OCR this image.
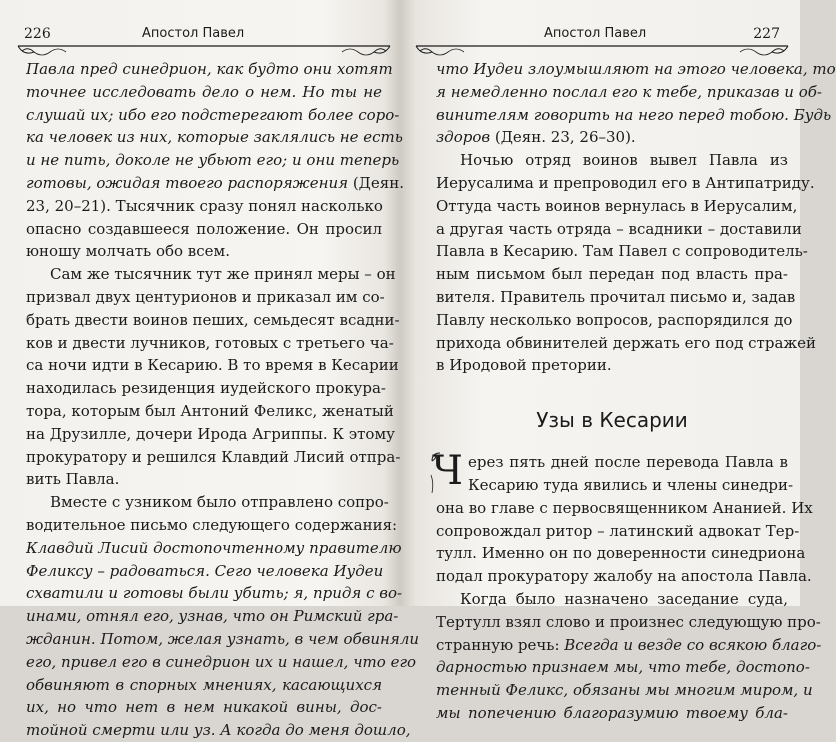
226	Апостол Павел
Павла пред синедрион, как будто они хотят
точнее исследовать дело о нем. Но ты не
слушай их; ибо его подстерегают более соро-
ка человек из них, которые заклялись не есть
и не пить, доколе не убьют его; и они теперь
готовы, ожидая твоего распоряжения (Деян.
23, 20–21). Тысячник сразу понял насколько
опасно создавшееся положение. Он просил
юношу молчать обо всем.
Сам же тысячник тут же принял меры – он
призвал двух центурионов и приказал им со-
брать двести воинов пеших, семьдесят всадни-
ков и двести лучников, готовых с третьего ча-
са ночи идти в Кесарию. В то время в Кесарии
находилась резиденция иудейского прокура-
тора, которым был Антоний Феликс, женатый
на Друзилле, дочери Ирода Агриппы. К этому
прокуратору и решился Клавдий Лисий отпра-
вить Павла.
Вместе с узником было отправлено сопро-
водительное письмо следующего содержания:
Клавдий Лисий достопочтенному правителю
Феликсу – радоваться. Сего человека Иудеи
схватили и готовы были убить; я, придя с во-
инами, отнял его, узнав, что он Римский гра-
жданин. Потом, желая узнать, в чем обвиняли
его, привел его в синедрион их и нашел, что его
обвиняют в спорных мнениях, касающихся
их, но что нет в нем никакой вины, дос-
тойной смерти или уз. А когда до меня дошло,
Апостол Павел	227
что Иудеи злоумышляют на этого человека, то
я немедленно послал его к тебе, приказав и об-
винителям говорить на него перед тобою. Будь
здоров (Деян. 23, 26–30).
Ночью отряд воинов вывел Павла из
Иерусалима и препроводил его в Антипатриду.
Оттуда часть воинов вернулась в Иерусалим,
а другая часть отряда – всадники – доставили
Павла в Кесарию. Там Павел с сопроводитель-
ным письмом был передан под власть пра-
вителя. Правитель прочитал письмо и, задав
Павлу несколько вопросов, распорядился до
прихода обвинителей держать его под стражей
в Иродовой претории.
Узы в Кесарии
Ч ерез пять дней после перевода Павла в
Кесарию туда явились и члены синедри-
она во главе с первосвященником Ананией. Их
сопровождал ритор – латинский адвокат Тер-
тулл. Именно он по доверенности синедриона
подал прокуратору жалобу на апостола Павла.
Когда было назначено заседание суда,
Тертулл взял слово и произнес следующую про-
странную речь: Всегда и везде со всякою благо-
дарностью признаем мы, что тебе, достопо-
тенный Феликс, обязаны мы многим миром, и
мы попечению благоразумию твоему бла-
